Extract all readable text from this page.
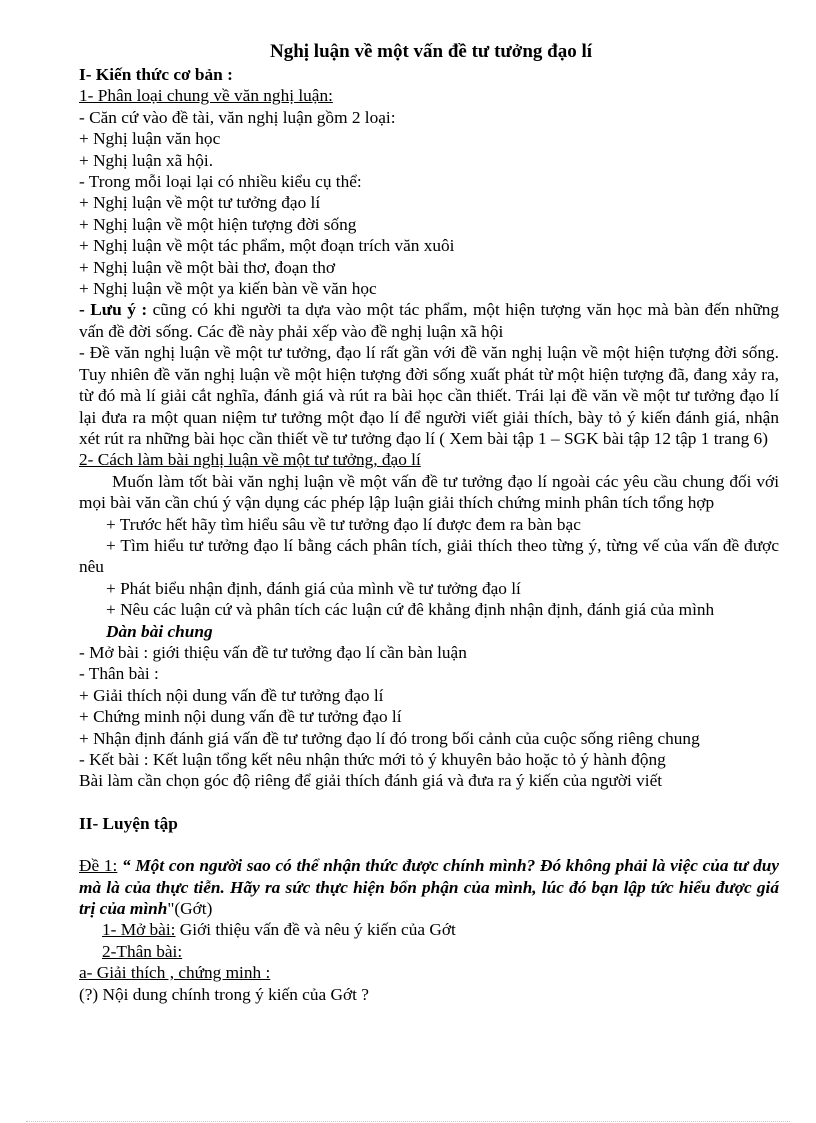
Nghị luận về một vấn đề tư tưởng đạo lí
I- Kiến thức cơ bản :
1- Phân loại chung về văn nghị luận:
- Căn cứ vào đề tài, văn nghị luận gồm 2 loại:
+ Nghị luận văn học
+ Nghị luận xã hội.
- Trong mỗi loại lại có nhiều kiểu cụ thể:
+ Nghị luận về một tư tưởng đạo lí
+ Nghị luận về một hiện tượng đời sống
+ Nghị luận về một tác phẩm, một đoạn trích văn xuôi
+ Nghị luận về một bài thơ, đoạn thơ
+ Nghị luận về một ya kiến bàn về văn học
- Lưu ý : cũng có khi người ta dựa vào một tác phẩm, một hiện tượng văn học mà bàn đến những vấn đề đời sống. Các đề này phải xếp vào đề nghị luận xã hội
- Đề văn nghị luận về một tư tưởng, đạo lí rất gần với đề văn nghị luận về một hiện tượng đời sống. Tuy nhiên đề văn nghị luận về một hiện tượng đời sống xuất phát từ một hiện tượng đã, đang xảy ra, từ đó mà lí giải cắt nghĩa, đánh giá và rút ra bài học cần thiết. Trái lại đề văn về một tư tưởng đạo lí lại đưa ra một quan niệm tư tưởng một đạo lí để người viết giải thích, bày tỏ ý kiến đánh giá, nhận xét rút ra những bài học cần thiết về tư tưởng đạo lí ( Xem bài tập 1 – SGK bài tập 12 tập 1 trang 6)
2- Cách làm bài nghị luận về một tư tưởng, đạo lí
Muốn làm tốt bài văn nghị luận về một vấn đề tư tưởng đạo lí ngoài các yêu cầu chung đối với mọi bài văn cần chú ý vận dụng các phép lập luận giải thích chứng minh phân tích tổng hợp
+ Trước hết hãy tìm hiểu sâu về tư tưởng đạo lí được đem ra bàn bạc
+ Tìm hiểu tư tưởng đạo lí bằng cách phân tích, giải thích theo từng ý, từng vế của vấn đề được nêu
+ Phát biểu nhận định, đánh giá của mình về tư tưởng đạo lí
+ Nêu các luận cứ và phân tích các luận cứ đê khẳng định nhận định, đánh giá của mình
Dàn bài chung
- Mở bài : giới thiệu vấn đề tư tưởng đạo lí cần bàn luận
- Thân bài :
+ Giải thích nội dung vấn đề tư tưởng đạo lí
+ Chứng minh nội dung vấn đề tư tưởng đạo lí
+ Nhận định đánh giá vấn đề tư tưởng đạo lí đó trong bối cảnh của cuộc sống riêng chung
- Kết bài : Kết luận tổng kết nêu nhận thức mới tỏ ý khuyên bảo hoặc tỏ ý hành động
Bài làm cần chọn góc độ riêng để giải thích đánh giá và đưa ra ý kiến của người viết
II- Luyện tập
Đề 1: “ Một con người sao có thể nhận thức được chính mình? Đó không phải là việc của tư duy mà là của thực tiễn. Hãy ra sức thực hiện bổn phận của mình, lúc đó bạn lập tức hiểu được giá trị của mình"(Gớt)
1- Mở bài: Giới thiệu vấn đề và nêu ý kiến của Gớt
2-Thân bài:
a- Giải thích , chứng minh :
(?) Nội dung chính trong ý kiến của Gớt ?
